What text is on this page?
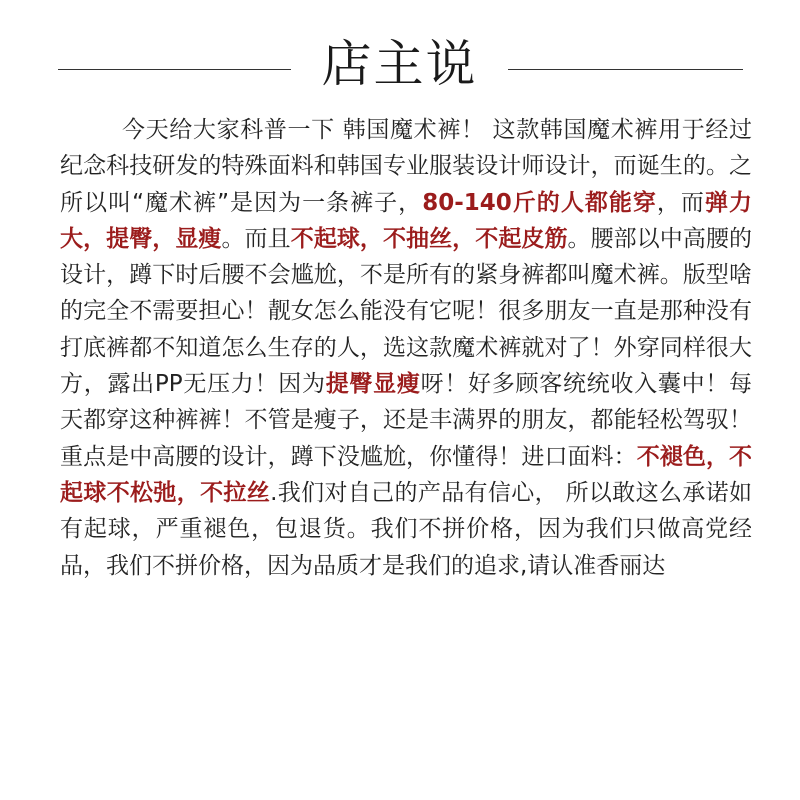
店主说

今天给大家科普一下 韩国魔术裤！ 这款韩国魔术裤用于经过纪念科技研发的特殊面料和韩国专业服装设计师设计，而诞生的。之所以叫“魔术裤”是因为一条裤子，80-140斤的人都能穿，而弹力大，提臀，显瘦。而且不起球，不抽丝，不起皮筋。腰部以中高腰的设计，蹲下时后腰不会尴尬，不是所有的紧身裤都叫魔术裤。版型啥的完全不需要担心！靓女怎么能没有它呢！很多朋友一直是那种没有打底裤都不知道怎么生存的人，选这款魔术裤就对了！外穿同样很大方，露出PP无压力！因为提臀显瘦呀！好多顾客统统收入囊中！每天都穿这种裤裤！不管是瘦子，还是丰满界的朋友，都能轻松驾驭！重点是中高腰的设计，蹲下没尴尬，你懂得！进口面料：不褪色，不起球不松弛，不拉丝.我们对自己的产品有信心， 所以敢这么承诺如有起球，严重褪色，包退货。我们不拼价格，因为我们只做高党经品，我们不拼价格，因为品质才是我们的追求,请认准香丽达
